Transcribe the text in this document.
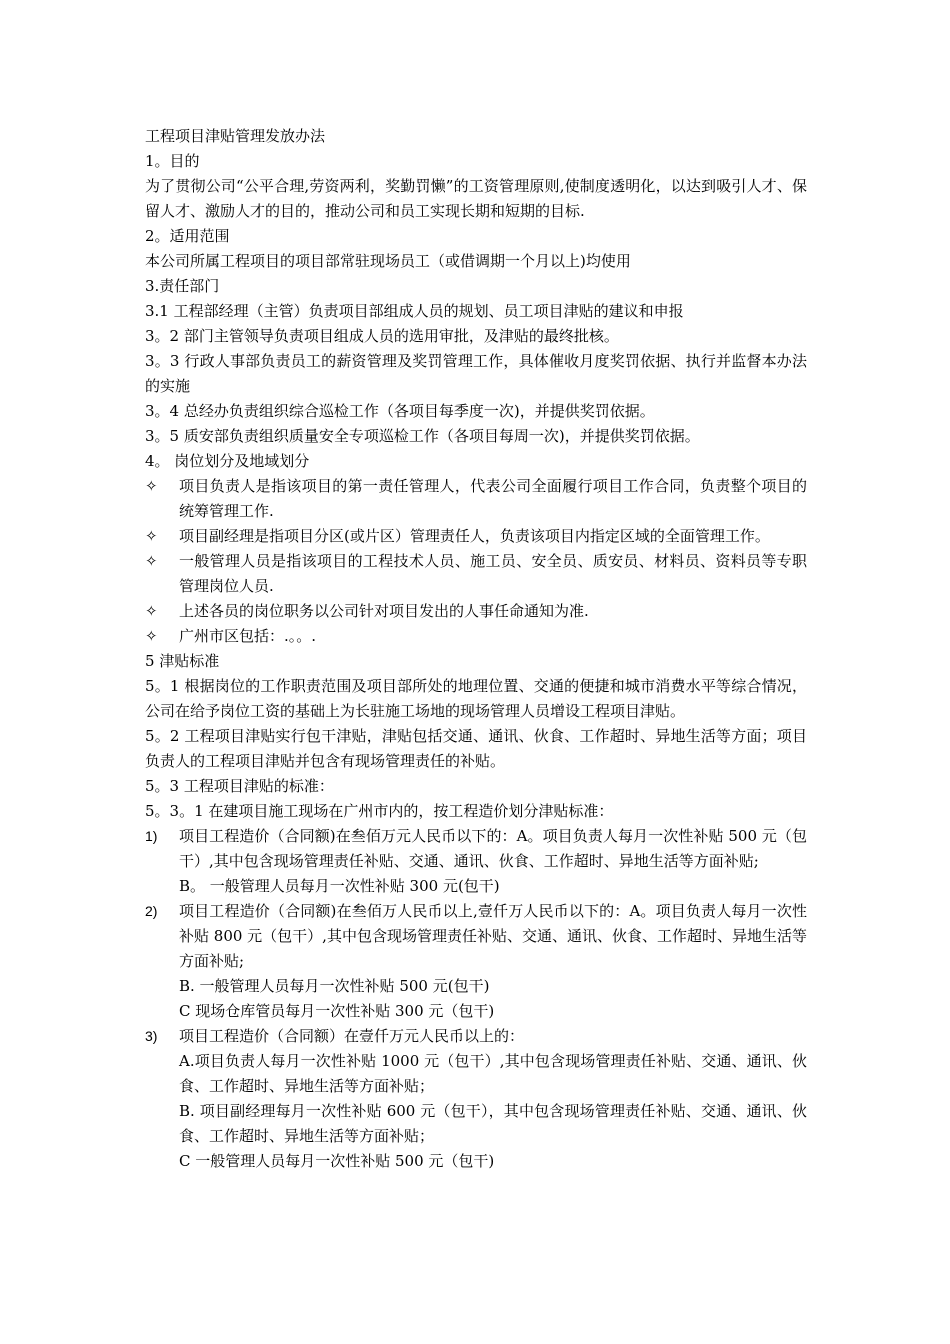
工程项目津贴管理发放办法

1。目的

为了贯彻公司“公平合理,劳资两利，奖勤罚懒”的工资管理原则,使制度透明化，以达到吸引人才、保留人才、激励人才的目的，推动公司和员工实现长期和短期的目标.

2。适用范围

本公司所属工程项目的项目部常驻现场员工（或借调期一个月以上)均使用

3.责任部门

3.1 工程部经理（主管）负责项目部组成人员的规划、员工项目津贴的建议和申报

3。2 部门主管领导负责项目组成人员的选用审批，及津贴的最终批核。

3。3 行政人事部负责员工的薪资管理及奖罚管理工作，具体催收月度奖罚依据、执行并监督本办法的实施

3。4 总经办负责组织综合巡检工作（各项目每季度一次)，并提供奖罚依据。

3。5 质安部负责组织质量安全专项巡检工作（各项目每周一次)，并提供奖罚依据。

4。 岗位划分及地域划分

✧	项目负责人是指该项目的第一责任管理人，代表公司全面履行项目工作合同，负责整个项目的统筹管理工作.
✧	项目副经理是指项目分区(或片区）管理责任人，负责该项目内指定区域的全面管理工作。
✧	一般管理人员是指该项目的工程技术人员、施工员、安全员、质安员、材料员、资料员等专职管理岗位人员.
✧	上述各员的岗位职务以公司针对项目发出的人事任命通知为准.
✧	广州市区包括：.。。.

5 津贴标准

5。1 根据岗位的工作职责范围及项目部所处的地理位置、交通的便捷和城市消费水平等综合情况，公司在给予岗位工资的基础上为长驻施工场地的现场管理人员增设工程项目津贴。

5。2 工程项目津贴实行包干津贴，津贴包括交通、通讯、伙食、工作超时、异地生活等方面；项目负责人的工程项目津贴并包含有现场管理责任的补贴。

5。3 工程项目津贴的标准：

5。3。1 在建项目施工现场在广州市内的，按工程造价划分津贴标准：

1)	项目工程造价（合同额)在叁佰万元人民币以下的：A。项目负责人每月一次性补贴 500 元（包干）,其中包含现场管理责任补贴、交通、通讯、伙食、工作超时、异地生活等方面补贴;
B。 一般管理人员每月一次性补贴 300 元(包干)
2)	项目工程造价（合同额)在叁佰万人民币以上,壹仟万人民币以下的：A。项目负责人每月一次性补贴 800 元（包干）,其中包含现场管理责任补贴、交通、通讯、伙食、工作超时、异地生活等方面补贴;
B. 一般管理人员每月一次性补贴 500 元(包干)
C 现场仓库管员每月一次性补贴 300 元（包干)
3)	项目工程造价（合同额）在壹仟万元人民币以上的：
A.项目负责人每月一次性补贴 1000 元（包干）,其中包含现场管理责任补贴、交通、通讯、伙食、工作超时、异地生活等方面补贴；
B. 项目副经理每月一次性补贴 600 元（包干），其中包含现场管理责任补贴、交通、通讯、伙食、工作超时、异地生活等方面补贴；
C 一般管理人员每月一次性补贴 500 元（包干)
